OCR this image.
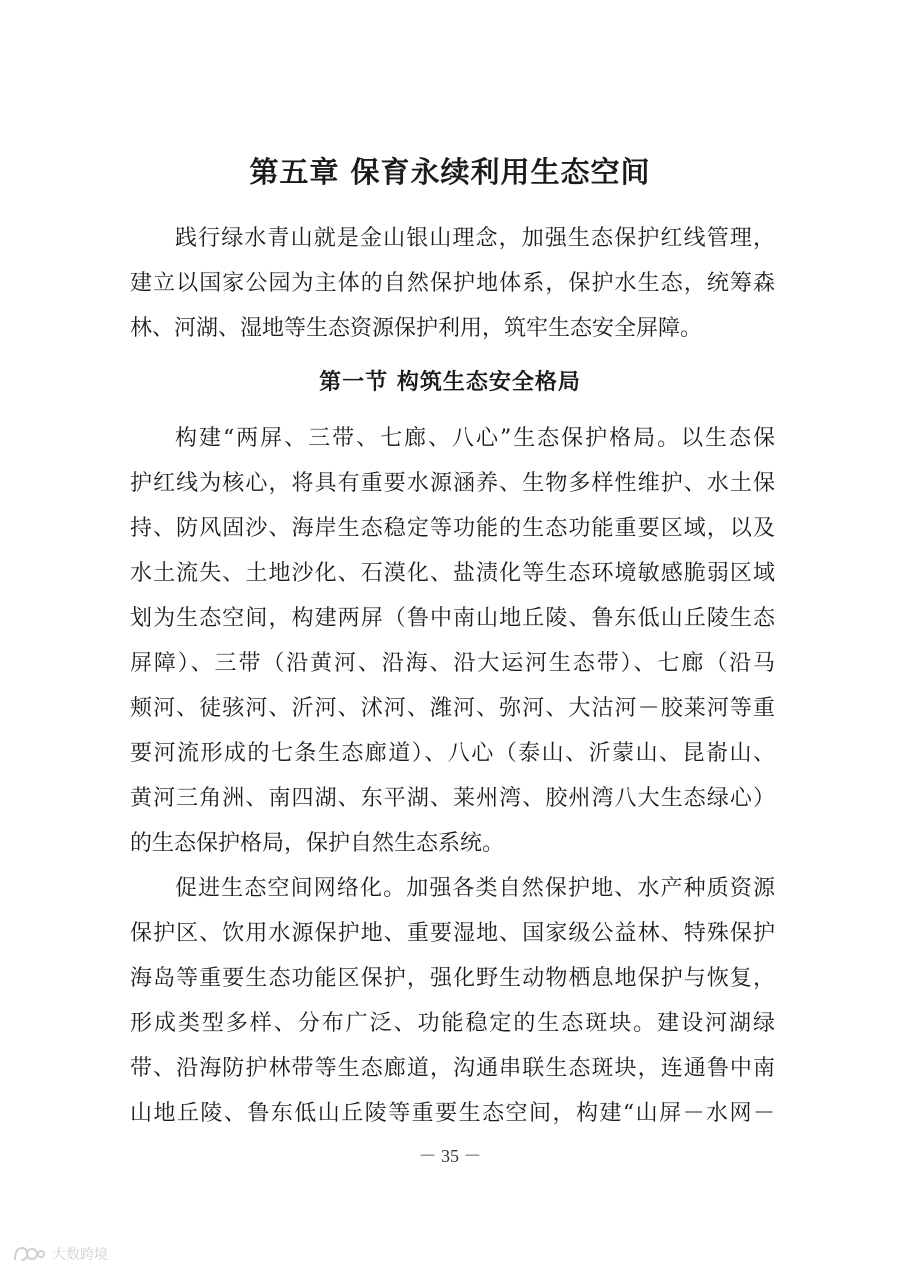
第五章 保育永续利用生态空间
践行绿水青山就是金山银山理念，加强生态保护红线管理，
建立以国家公园为主体的自然保护地体系，保护水生态，统筹森
林、河湖、湿地等生态资源保护利用，筑牢生态安全屏障。
第一节 构筑生态安全格局
构建“两屏、三带、七廊、八心”生态保护格局。以生态保
护红线为核心，将具有重要水源涵养、生物多样性维护、水土保
持、防风固沙、海岸生态稳定等功能的生态功能重要区域，以及
水土流失、土地沙化、石漠化、盐渍化等生态环境敏感脆弱区域
划为生态空间，构建两屏（鲁中南山地丘陵、鲁东低山丘陵生态
屏障）、三带（沿黄河、沿海、沿大运河生态带）、七廊（沿马
颊河、徒骇河、沂河、沭河、潍河、弥河、大沽河－胶莱河等重
要河流形成的七条生态廊道）、八心（泰山、沂蒙山、昆嵛山、
黄河三角洲、南四湖、东平湖、莱州湾、胶州湾八大生态绿心）
的生态保护格局，保护自然生态系统。
促进生态空间网络化。加强各类自然保护地、水产种质资源
保护区、饮用水源保护地、重要湿地、国家级公益林、特殊保护
海岛等重要生态功能区保护，强化野生动物栖息地保护与恢复，
形成类型多样、分布广泛、功能稳定的生态斑块。建设河湖绿
带、沿海防护林带等生态廊道，沟通串联生态斑块，连通鲁中南
山地丘陵、鲁东低山丘陵等重要生态空间，构建“山屏－水网－
－ 35 －
大数跨境
